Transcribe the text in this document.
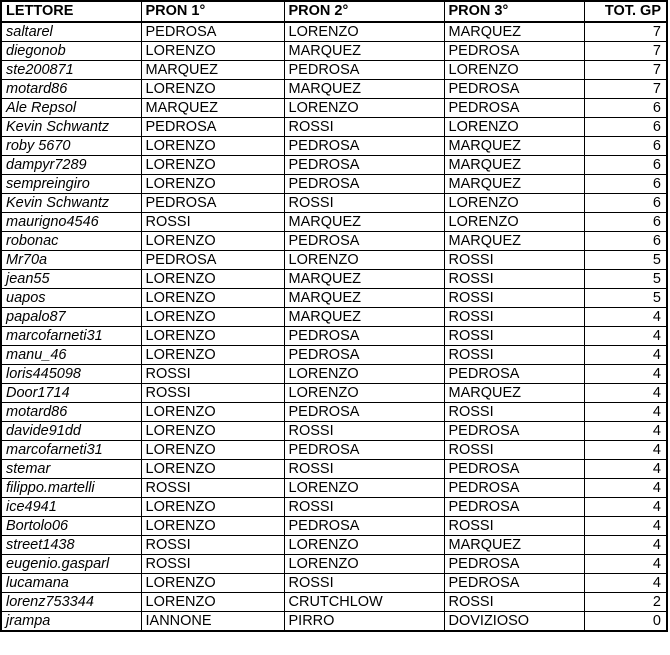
LETTORE	PRON 1°	PRON 2°	PRON 3°	TOT. GP
saltarel	PEDROSA	LORENZO	MARQUEZ	7
diegonob	LORENZO	MARQUEZ	PEDROSA	7
ste200871	MARQUEZ	PEDROSA	LORENZO	7
motard86	LORENZO	MARQUEZ	PEDROSA	7
Ale Repsol	MARQUEZ	LORENZO	PEDROSA	6
Kevin Schwantz	PEDROSA	ROSSI	LORENZO	6
roby 5670	LORENZO	PEDROSA	MARQUEZ	6
dampyr7289	LORENZO	PEDROSA	MARQUEZ	6
sempreingiro	LORENZO	PEDROSA	MARQUEZ	6
Kevin Schwantz	PEDROSA	ROSSI	LORENZO	6
maurigno4546	ROSSI	MARQUEZ	LORENZO	6
robonac	LORENZO	PEDROSA	MARQUEZ	6
Mr70a	PEDROSA	LORENZO	ROSSI	5
jean55	LORENZO	MARQUEZ	ROSSI	5
uapos	LORENZO	MARQUEZ	ROSSI	5
papalo87	LORENZO	MARQUEZ	ROSSI	4
marcofarneti31	LORENZO	PEDROSA	ROSSI	4
manu_46	LORENZO	PEDROSA	ROSSI	4
loris445098	ROSSI	LORENZO	PEDROSA	4
Door1714	ROSSI	LORENZO	MARQUEZ	4
motard86	LORENZO	PEDROSA	ROSSI	4
davide91dd	LORENZO	ROSSI	PEDROSA	4
marcofarneti31	LORENZO	PEDROSA	ROSSI	4
stemar	LORENZO	ROSSI	PEDROSA	4
filippo.martelli	ROSSI	LORENZO	PEDROSA	4
ice4941	LORENZO	ROSSI	PEDROSA	4
Bortolo06	LORENZO	PEDROSA	ROSSI	4
street1438	ROSSI	LORENZO	MARQUEZ	4
eugenio.gasparl	ROSSI	LORENZO	PEDROSA	4
lucamana	LORENZO	ROSSI	PEDROSA	4
lorenz753344	LORENZO	CRUTCHLOW	ROSSI	2
jrampa	IANNONE	PIRRO	DOVIZIOSO	0
